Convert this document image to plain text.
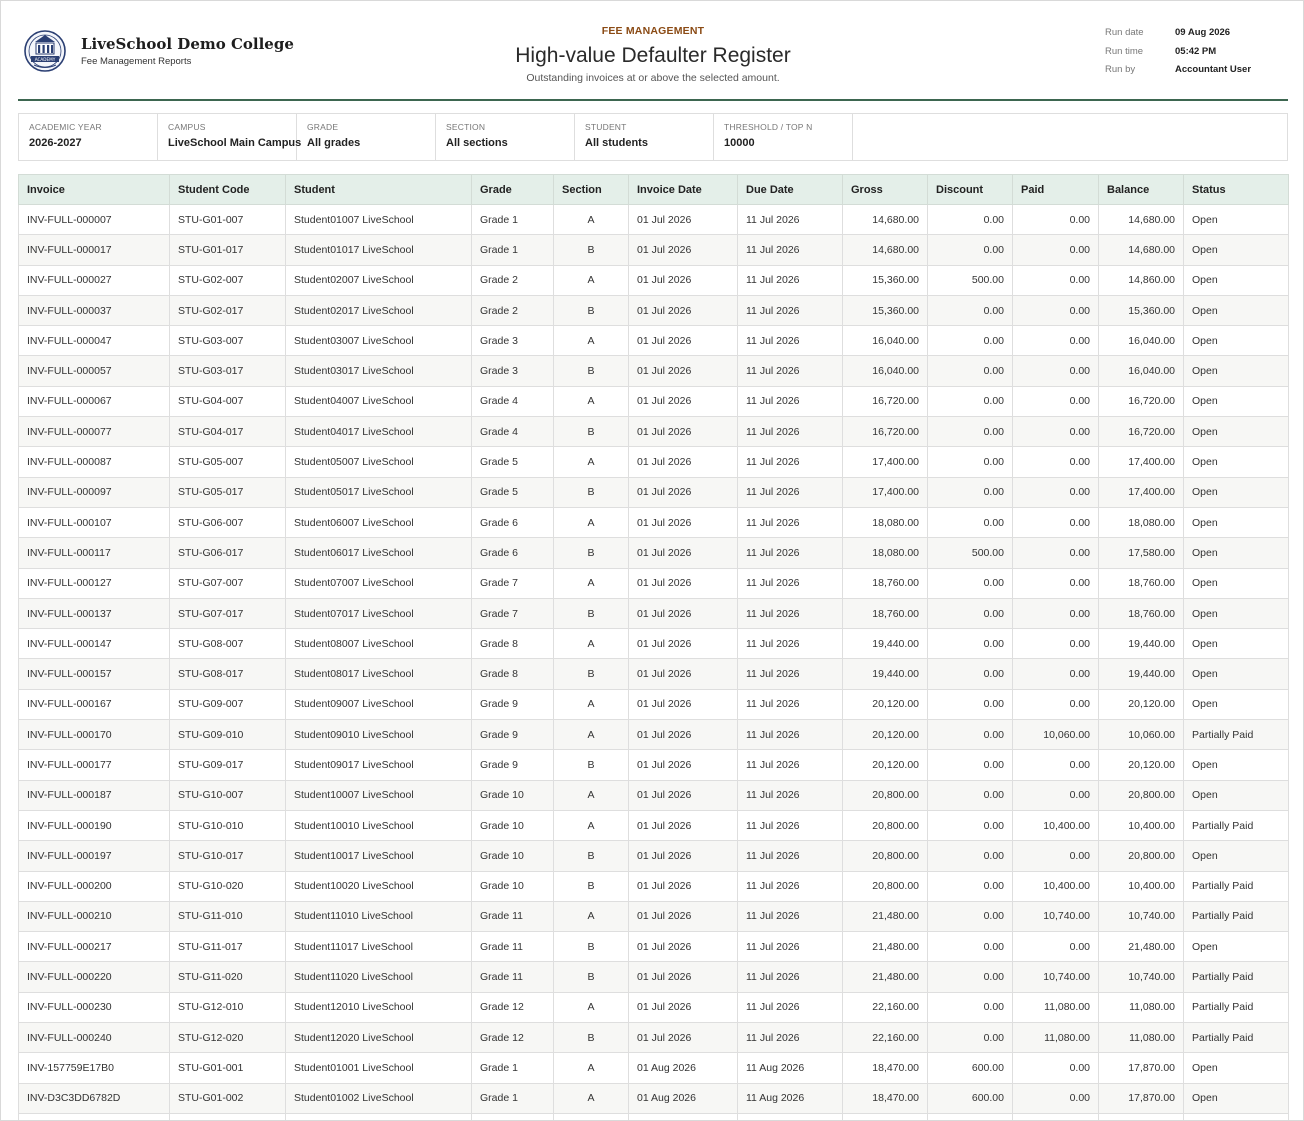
ACADEMY
LiveSchool Demo College
Fee Management Reports
FEE MANAGEMENT
High-value Defaulter Register
Outstanding invoices at or above the selected amount.
Run date	09 Aug 2026
Run time	05:42 PM
Run by	Accountant User
ACADEMIC YEAR
2026-2027
CAMPUS
LiveSchool Main Campus
GRADE
All grades
SECTION
All sections
STUDENT
All students
THRESHOLD / TOP N
10000
Invoice	Student Code	Student	Grade	Section	Invoice Date	Due Date	Gross	Discount	Paid	Balance	Status
INV-FULL-000007	STU-G01-007	Student01007 LiveSchool	Grade 1	A	01 Jul 2026	11 Jul 2026	14,680.00	0.00	0.00	14,680.00	Open
INV-FULL-000017	STU-G01-017	Student01017 LiveSchool	Grade 1	B	01 Jul 2026	11 Jul 2026	14,680.00	0.00	0.00	14,680.00	Open
INV-FULL-000027	STU-G02-007	Student02007 LiveSchool	Grade 2	A	01 Jul 2026	11 Jul 2026	15,360.00	500.00	0.00	14,860.00	Open
INV-FULL-000037	STU-G02-017	Student02017 LiveSchool	Grade 2	B	01 Jul 2026	11 Jul 2026	15,360.00	0.00	0.00	15,360.00	Open
INV-FULL-000047	STU-G03-007	Student03007 LiveSchool	Grade 3	A	01 Jul 2026	11 Jul 2026	16,040.00	0.00	0.00	16,040.00	Open
INV-FULL-000057	STU-G03-017	Student03017 LiveSchool	Grade 3	B	01 Jul 2026	11 Jul 2026	16,040.00	0.00	0.00	16,040.00	Open
INV-FULL-000067	STU-G04-007	Student04007 LiveSchool	Grade 4	A	01 Jul 2026	11 Jul 2026	16,720.00	0.00	0.00	16,720.00	Open
INV-FULL-000077	STU-G04-017	Student04017 LiveSchool	Grade 4	B	01 Jul 2026	11 Jul 2026	16,720.00	0.00	0.00	16,720.00	Open
INV-FULL-000087	STU-G05-007	Student05007 LiveSchool	Grade 5	A	01 Jul 2026	11 Jul 2026	17,400.00	0.00	0.00	17,400.00	Open
INV-FULL-000097	STU-G05-017	Student05017 LiveSchool	Grade 5	B	01 Jul 2026	11 Jul 2026	17,400.00	0.00	0.00	17,400.00	Open
INV-FULL-000107	STU-G06-007	Student06007 LiveSchool	Grade 6	A	01 Jul 2026	11 Jul 2026	18,080.00	0.00	0.00	18,080.00	Open
INV-FULL-000117	STU-G06-017	Student06017 LiveSchool	Grade 6	B	01 Jul 2026	11 Jul 2026	18,080.00	500.00	0.00	17,580.00	Open
INV-FULL-000127	STU-G07-007	Student07007 LiveSchool	Grade 7	A	01 Jul 2026	11 Jul 2026	18,760.00	0.00	0.00	18,760.00	Open
INV-FULL-000137	STU-G07-017	Student07017 LiveSchool	Grade 7	B	01 Jul 2026	11 Jul 2026	18,760.00	0.00	0.00	18,760.00	Open
INV-FULL-000147	STU-G08-007	Student08007 LiveSchool	Grade 8	A	01 Jul 2026	11 Jul 2026	19,440.00	0.00	0.00	19,440.00	Open
INV-FULL-000157	STU-G08-017	Student08017 LiveSchool	Grade 8	B	01 Jul 2026	11 Jul 2026	19,440.00	0.00	0.00	19,440.00	Open
INV-FULL-000167	STU-G09-007	Student09007 LiveSchool	Grade 9	A	01 Jul 2026	11 Jul 2026	20,120.00	0.00	0.00	20,120.00	Open
INV-FULL-000170	STU-G09-010	Student09010 LiveSchool	Grade 9	A	01 Jul 2026	11 Jul 2026	20,120.00	0.00	10,060.00	10,060.00	Partially Paid
INV-FULL-000177	STU-G09-017	Student09017 LiveSchool	Grade 9	B	01 Jul 2026	11 Jul 2026	20,120.00	0.00	0.00	20,120.00	Open
INV-FULL-000187	STU-G10-007	Student10007 LiveSchool	Grade 10	A	01 Jul 2026	11 Jul 2026	20,800.00	0.00	0.00	20,800.00	Open
INV-FULL-000190	STU-G10-010	Student10010 LiveSchool	Grade 10	A	01 Jul 2026	11 Jul 2026	20,800.00	0.00	10,400.00	10,400.00	Partially Paid
INV-FULL-000197	STU-G10-017	Student10017 LiveSchool	Grade 10	B	01 Jul 2026	11 Jul 2026	20,800.00	0.00	0.00	20,800.00	Open
INV-FULL-000200	STU-G10-020	Student10020 LiveSchool	Grade 10	B	01 Jul 2026	11 Jul 2026	20,800.00	0.00	10,400.00	10,400.00	Partially Paid
INV-FULL-000210	STU-G11-010	Student11010 LiveSchool	Grade 11	A	01 Jul 2026	11 Jul 2026	21,480.00	0.00	10,740.00	10,740.00	Partially Paid
INV-FULL-000217	STU-G11-017	Student11017 LiveSchool	Grade 11	B	01 Jul 2026	11 Jul 2026	21,480.00	0.00	0.00	21,480.00	Open
INV-FULL-000220	STU-G11-020	Student11020 LiveSchool	Grade 11	B	01 Jul 2026	11 Jul 2026	21,480.00	0.00	10,740.00	10,740.00	Partially Paid
INV-FULL-000230	STU-G12-010	Student12010 LiveSchool	Grade 12	A	01 Jul 2026	11 Jul 2026	22,160.00	0.00	11,080.00	11,080.00	Partially Paid
INV-FULL-000240	STU-G12-020	Student12020 LiveSchool	Grade 12	B	01 Jul 2026	11 Jul 2026	22,160.00	0.00	11,080.00	11,080.00	Partially Paid
INV-157759E17B0	STU-G01-001	Student01001 LiveSchool	Grade 1	A	01 Aug 2026	11 Aug 2026	18,470.00	600.00	0.00	17,870.00	Open
INV-D3C3DD6782D	STU-G01-002	Student01002 LiveSchool	Grade 1	A	01 Aug 2026	11 Aug 2026	18,470.00	600.00	0.00	17,870.00	Open
